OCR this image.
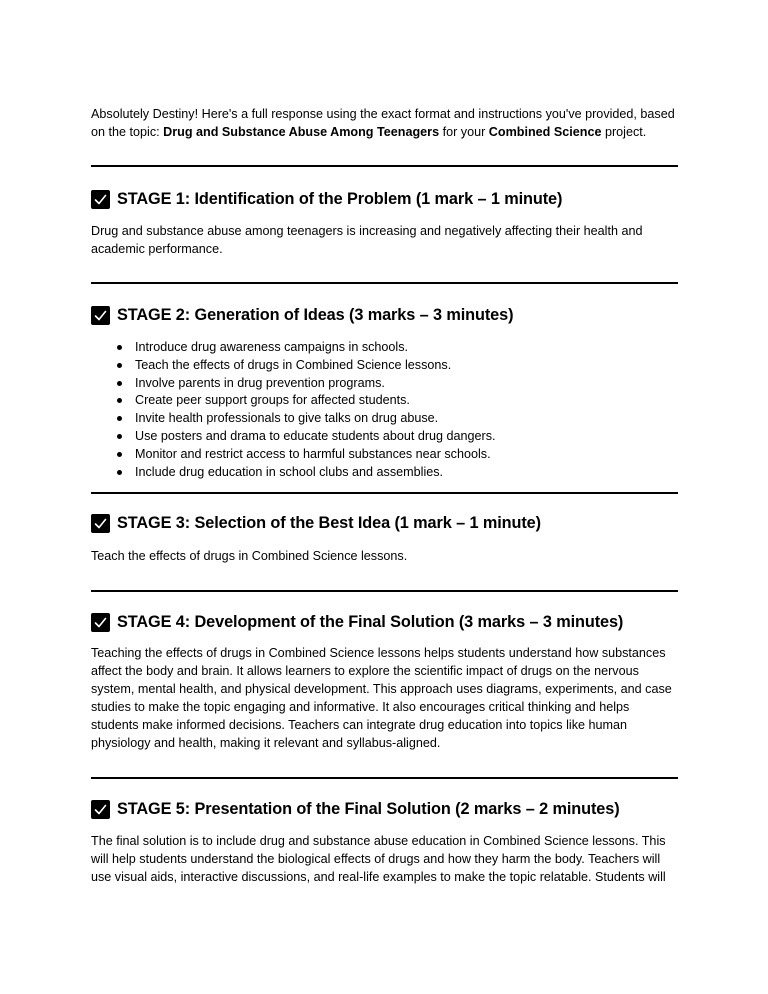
Absolutely Destiny! Here's a full response using the exact format and instructions you've provided, based on the topic: Drug and Substance Abuse Among Teenagers for your Combined Science project.

STAGE 1: Identification of the Problem (1 mark – 1 minute)

Drug and substance abuse among teenagers is increasing and negatively affecting their health and academic performance.

STAGE 2: Generation of Ideas (3 marks – 3 minutes)
Introduce drug awareness campaigns in schools.
Teach the effects of drugs in Combined Science lessons.
Involve parents in drug prevention programs.
Create peer support groups for affected students.
Invite health professionals to give talks on drug abuse.
Use posters and drama to educate students about drug dangers.
Monitor and restrict access to harmful substances near schools.
Include drug education in school clubs and assemblies.
STAGE 3: Selection of the Best Idea (1 mark – 1 minute)

Teach the effects of drugs in Combined Science lessons.

STAGE 4: Development of the Final Solution (3 marks – 3 minutes)

Teaching the effects of drugs in Combined Science lessons helps students understand how substances affect the body and brain. It allows learners to explore the scientific impact of drugs on the nervous system, mental health, and physical development. This approach uses diagrams, experiments, and case studies to make the topic engaging and informative. It also encourages critical thinking and helps students make informed decisions. Teachers can integrate drug education into topics like human physiology and health, making it relevant and syllabus-aligned.

STAGE 5: Presentation of the Final Solution (2 marks – 2 minutes)

The final solution is to include drug and substance abuse education in Combined Science lessons. This will help students understand the biological effects of drugs and how they harm the body. Teachers will use visual aids, interactive discussions, and real-life examples to make the topic relatable. Students will
